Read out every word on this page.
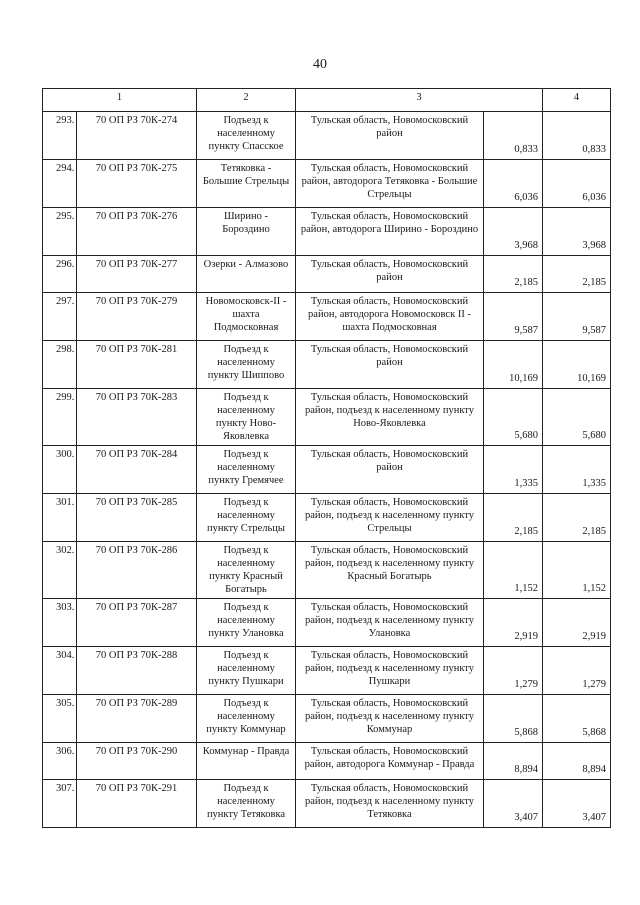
40
1		2	3		4
293.	70 ОП РЗ 70К-274	Подъезд к населенному пункту Спасское	Тульская область, Новомосковский район	0,833	0,833
294.	70 ОП РЗ 70К-275	Тетяковка - Большие Стрельцы	Тульская область, Новомосковский район, автодорога Тетяковка - Большие Стрельцы	6,036	6,036
295.	70 ОП РЗ 70К-276	Ширино - Бороздино	Тульская область, Новомосковский район, автодорога Ширино - Бороздино	3,968	3,968
296.	70 ОП РЗ 70К-277	Озерки - Алмазово	Тульская область, Новомосковский район	2,185	2,185
297.	70 ОП РЗ 70К-279	Новомосковск-II - шахта Подмосковная	Тульская область, Новомосковский район, автодорога Новомосковск II - шахта Подмосковная	9,587	9,587
298.	70 ОП РЗ 70К-281	Подъезд к населенному пункту Шиппово	Тульская область, Новомосковский район	10,169	10,169
299.	70 ОП РЗ 70К-283	Подъезд к населенному пункту Ново-Яковлевка	Тульская область, Новомосковский район, подъезд к населенному пункту Ново-Яковлевка	5,680	5,680
300.	70 ОП РЗ 70К-284	Подъезд к населенному пункту Гремячее	Тульская область, Новомосковский район	1,335	1,335
301.	70 ОП РЗ 70К-285	Подъезд к населенному пункту Стрельцы	Тульская область, Новомосковский район, подъезд к населенному пункту Стрельцы	2,185	2,185
302.	70 ОП РЗ 70К-286	Подъезд к населенному пункту Красный Богатырь	Тульская область, Новомосковский район, подъезд к населенному пункту Красный Богатырь	1,152	1,152
303.	70 ОП РЗ 70К-287	Подъезд к населенному пункту Улановка	Тульская область, Новомосковский район, подъезд к населенному пункту Улановка	2,919	2,919
304.	70 ОП РЗ 70К-288	Подъезд к населенному пункту Пушкари	Тульская область, Новомосковский район, подъезд к населенному пункту Пушкари	1,279	1,279
305.	70 ОП РЗ 70К-289	Подъезд к населенному пункту Коммунар	Тульская область, Новомосковский район, подъезд к населенному пункту Коммунар	5,868	5,868
306.	70 ОП РЗ 70К-290	Коммунар - Правда	Тульская область, Новомосковский район, автодорога Коммунар - Правда	8,894	8,894
307.	70 ОП РЗ 70К-291	Подъезд к населенному пункту Тетяковка	Тульская область, Новомосковский район, подъезд к населенному пункту Тетяковка	3,407	3,407
